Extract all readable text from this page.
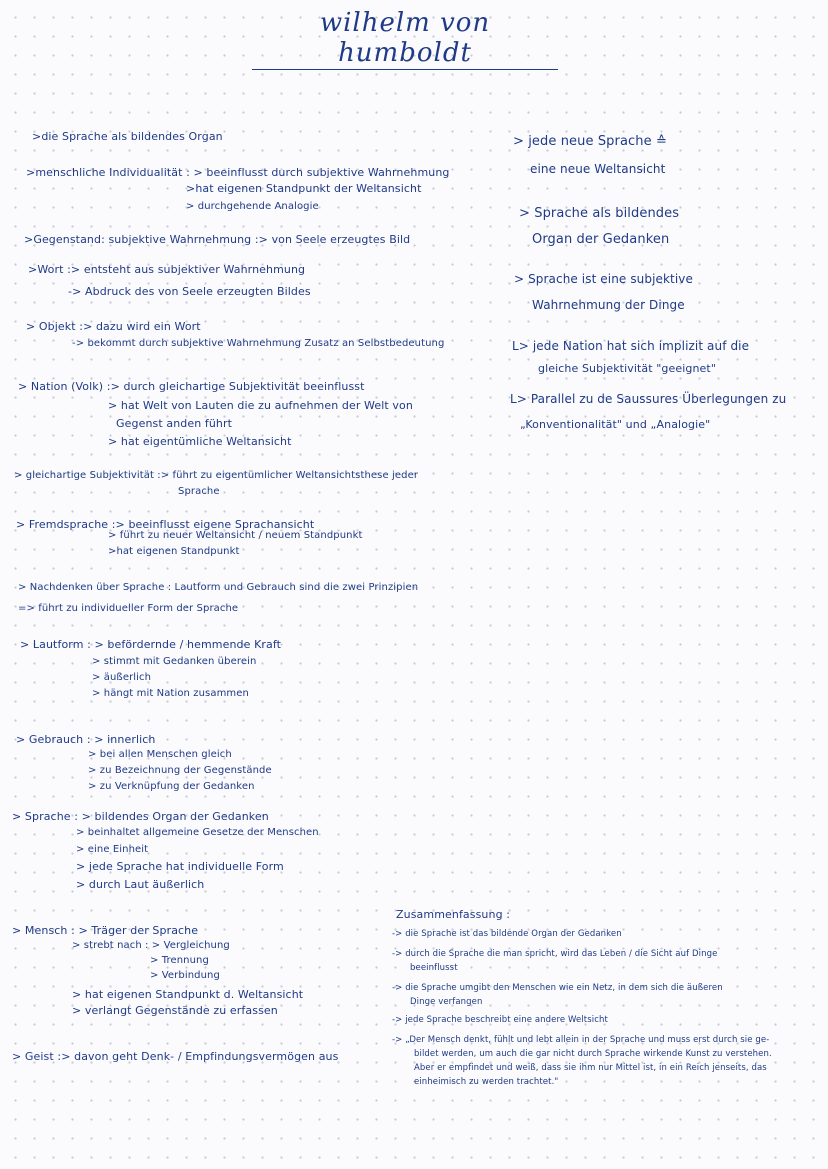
wilhelm von humboldt
>die Sprache als bildendes Organ
>menschliche Individualität : > beeinflusst durch subjektive Wahrnehmung
>hat eigenen Standpunkt der Weltansicht
> durchgehende Analogie
>Gegenstand: subjektive Wahrnehmung :> von Seele erzeugtes Bild
>Wort :> entsteht aus subjektiver Wahrnehmung
-> Abdruck des von Seele erzeugten Bildes
> Objekt :> dazu wird ein Wort
-> bekommt durch subjektive Wahrnehmung Zusatz an Selbstbedeutung
> Nation (Volk) :> durch gleichartige Subjektivität beeinflusst
> hat Welt von Lauten die zu aufnehmen der Welt von
Gegenst anden führt
> hat eigentümliche Weltansicht
> gleichartige Subjektivität :> führt zu eigentümlicher Weltansichtsthese jeder
Sprache
> Fremdsprache :> beeinflusst eigene Sprachansicht
> führt zu neuer Weltansicht / neuem Standpunkt
>hat eigenen Standpunkt
> Nachdenken über Sprache : Lautform und Gebrauch sind die zwei Prinzipien
=> führt zu individueller Form der Sprache
> Lautform : > befördernde / hemmende Kraft
> stimmt mit Gedanken überein
> äußerlich
> hängt mit Nation zusammen
> Gebrauch : > innerlich
> bei allen Menschen gleich
> zu Bezeichnung der Gegenstände
> zu Verknüpfung der Gedanken
> Sprache : > bildendes Organ der Gedanken
> beinhaltet allgemeine Gesetze der Menschen
> eine Einheit
> jede Sprache hat individuelle Form
> durch Laut äußerlich
> Mensch : > Träger der Sprache
> strebt nach : > Vergleichung
> Trennung
> Verbindung
> hat eigenen Standpunkt d. Weltansicht
> verlangt Gegenstände zu erfassen
> Geist :> davon geht Denk- / Empfindungsvermögen aus
> jede neue Sprache ≙
eine neue Weltansicht
> Sprache als bildendes
Organ der Gedanken
> Sprache ist eine subjektive
Wahrnehmung der Dinge
L> jede Nation hat sich implizit auf die
gleiche Subjektivität "geeignet"
L> Parallel zu de Saussures Überlegungen zu
„Konventionalität" und „Analogie"
Zusammenfassung :
-> die Sprache ist das bildende Organ der Gedanken
-> durch die Sprache die man spricht, wird das Leben / die Sicht auf Dinge
beeinflusst
-> die Sprache umgibt den Menschen wie ein Netz, in dem sich die äußeren
Dinge verfangen
-> jede Sprache beschreibt eine andere Weltsicht
-> „Der Mensch denkt, fühlt und lebt allein in der Sprache und muss erst durch sie ge-
bildet werden, um auch die gar nicht durch Sprache wirkende Kunst zu verstehen.
Aber er empfindet und weiß, dass sie ihm nur Mittel ist, in ein Reich jenseits, das
einheimisch zu werden trachtet."
